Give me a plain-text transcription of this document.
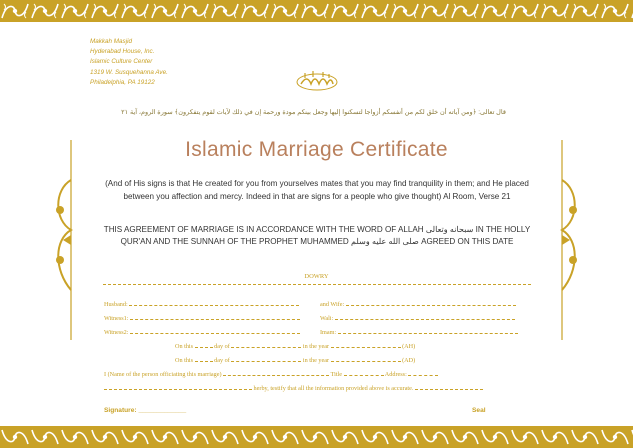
Makkah Masjid
Hyderabad House, Inc.
Islamic Culture Center
1319 W. Susquehanna Ave.
Philadelphia, PA 19122
قال تعالى: ﴿ومن آياته أن خلق لكم من أنفسكم أزواجا لتسكنوا إليها وجعل بينكم مودة ورحمة إن في ذلك لآيات لقوم يتفكرون﴾ سورة الروم، آية ٢١
Islamic Marriage Certificate
(And of His signs is that He created for you from yourselves mates that you may find tranquility in them; and He placed between you affection and mercy. Indeed in that are signs for a people who give thought) Al Room, Verse 21
THIS AGREEMENT OF MARRIAGE IS IN ACCORDANCE WITH THE WORD OF ALLAH سبحانه وتعالى IN THE HOLLY QUR'AN AND THE SUNNAH OF THE PROPHET MUHAMMED صلى الله عليه وسلم AGREED ON THIS DATE
DOWRY
Husband:	and Wife:
Witness1:	Wali:
Witness2:	Imam:
On this	day of	in the year	(AH)
On this	day of	in the year	(AD)
I (Name of the person officiating this marriage)	Title	Address:
herby, testify that all the information provided above is accurate.
Signature: _____________	Seal
